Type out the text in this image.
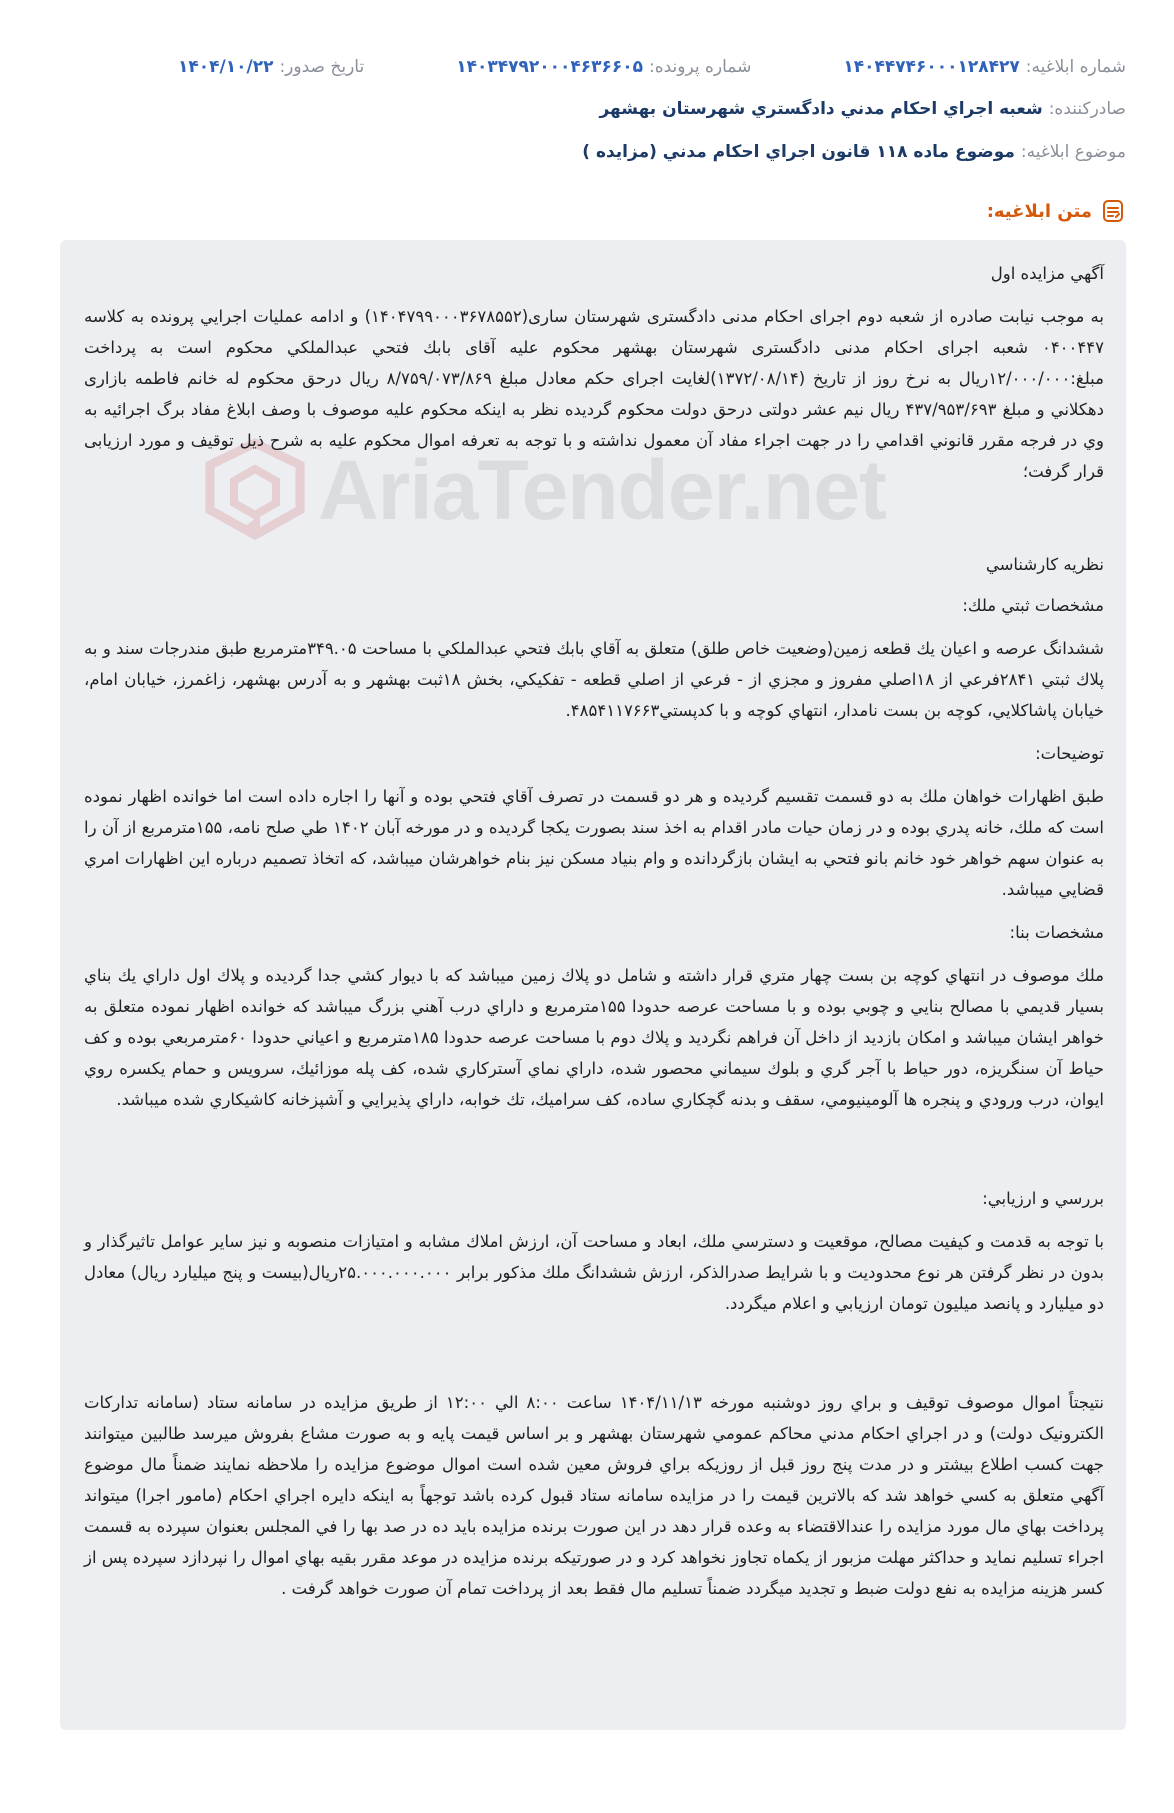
شماره ابلاغيه:
۱۴۰۴۴۷۴۶۰۰۰۱۲۸۴۲۷
شماره پرونده:
۱۴۰۳۴۷۹۲۰۰۰۴۶۳۶۶۰۵
تاريخ صدور:
۱۴۰۴/۱۰/۲۲
صادرکننده:
شعبه اجراي احكام مدني دادگستري شهرستان بهشهر
موضوع ابلاغيه:
موضوع ماده ۱۱۸ قانون اجراي احكام مدني (مزايده )
متن ابلاغيه:
AriaTender.net

آگهي مزايده اول

به موجب نيابت صادره از شعبه دوم اجرای احکام مدنی دادگستری شهرستان ساری(۱۴۰۴۷۹۹۰۰۰۳۶۷۸۵۵۲) و ادامه عمليات اجرايي پرونده به کلاسه ۰۴۰۰۴۴۷ شعبه اجرای احکام مدنی دادگستری شهرستان بهشهر محکوم عليه آقای بابك فتحي عبدالملكي محكوم است به پرداخت مبلغ:۱۲/۰۰۰/۰۰۰ريال به نرخ روز از تاريخ (۱۳۷۲/۰۸/۱۴)لغايت اجرای حکم معادل مبلغ ۸/۷۵۹/۰۷۳/۸۶۹ ريال درحق محکوم له خانم فاطمه بازاری دهكلاني و مبلغ ۴۳۷/۹۵۳/۶۹۳ ريال نيم عشر دولتی درحق دولت محکوم گرديده نظر به اينکه محکوم عليه موصوف با وصف ابلاغ مفاد برگ اجرائيه به وي در فرجه مقرر قانوني اقدامي را در جهت اجراء مفاد آن معمول نداشته و با توجه به تعرفه اموال محکوم عليه به شرح ذيل توقيف و مورد ارزيابی قرار گرفت؛

نظريه كارشناسي

مشخصات ثبتي ملك:

ششدانگ عرصه و اعيان يك قطعه زمين(وضعيت خاص طلق) متعلق به آقاي بابك فتحي عبدالملكي با مساحت ۳۴۹.۰۵مترمربع طبق مندرجات سند و به پلاك ثبتي ۲۸۴۱فرعي از ۱۸اصلي مفروز و مجزي از - فرعي از اصلي قطعه - تفكيكي، بخش ۱۸ثبت بهشهر و به آدرس بهشهر، زاغمرز، خيابان امام، خيابان پاشاكلايي، كوچه بن بست نامدار، انتهاي كوچه و با كدپستي۴۸۵۴۱۱۷۶۶۳.

توضيحات:

طبق اظهارات خواهان ملك به دو قسمت تقسيم گرديده و هر دو قسمت در تصرف آقاي فتحي بوده و آنها را اجاره داده است اما خوانده اظهار نموده است كه ملك، خانه پدري بوده و در زمان حيات مادر اقدام به اخذ سند بصورت يكجا گرديده و در مورخه آبان ۱۴۰۲ طي صلح نامه، ۱۵۵مترمربع از آن را به عنوان سهم خواهر خود خانم بانو فتحي به ايشان بازگردانده و وام بنياد مسكن نيز بنام خواهرشان ميباشد، كه اتخاذ تصميم درباره اين اظهارات امري قضايي ميباشد.

مشخصات بنا:

ملك موصوف در انتهاي كوچه بن بست چهار متري قرار داشته و شامل دو پلاك زمين ميباشد كه با ديوار كشي جدا گرديده و پلاك اول داراي يك بناي بسيار قديمي با مصالح بنايي و چوبي بوده و با مساحت عرصه حدودا ۱۵۵مترمربع و داراي درب آهني بزرگ ميباشد كه خوانده اظهار نموده متعلق به خواهر ايشان ميباشد و امكان بازديد از داخل آن فراهم نگرديد و پلاك دوم با مساحت عرصه حدودا ۱۸۵مترمربع و اعياني حدودا ۶۰مترمربعي بوده و كف حياط آن سنگريزه، دور حياط با آجر گري و بلوك سيماني محصور شده، داراي نماي آستركاري شده، كف پله موزائيك، سرويس و حمام يكسره روي ايوان، درب ورودي و پنجره ها آلومينيومي، سقف و بدنه گچكاري ساده، كف سراميك، تك خوابه، داراي پذيرايي و آشپزخانه كاشيكاري شده ميباشد.

بررسي و ارزيابي:

با توجه به قدمت و كيفيت مصالح، موقعيت و دسترسي ملك، ابعاد و مساحت آن، ارزش املاك مشابه و امتيازات منصوبه و نيز ساير عوامل تاثيرگذار و بدون در نظر گرفتن هر نوع محدوديت و با شرايط صدرالذكر، ارزش ششدانگ ملك مذكور برابر ۲۵.۰۰۰.۰۰۰.۰۰۰ريال(بيست و پنج ميليارد ريال) معادل دو ميليارد و پانصد ميليون تومان ارزيابي و اعلام ميگردد.

نتيجتاً اموال موصوف توقيف و براي روز دوشنبه مورخه ۱۴۰۴/۱۱/۱۳ ساعت ۸:۰۰ الي ۱۲:۰۰ از طريق مزايده در سامانه ستاد (سامانه تدارکات الکترونيک دولت) و در اجراي احكام مدني محاكم عمومي شهرستان بهشهر و بر اساس قيمت پايه و به صورت مشاع بفروش ميرسد طالبين ميتوانند جهت كسب اطلاع بيشتر و در مدت پنج روز قبل از روزيكه براي فروش معين شده است اموال موضوع مزايده را ملاحظه نمايند ضمناً مال موضوع آگهي متعلق به كسي خواهد شد كه بالاترين قيمت را در مزايده سامانه ستاد قبول كرده باشد توجهاً به اينكه دايره اجراي احكام (مامور اجرا) ميتواند پرداخت بهاي مال مورد مزايده را عندالاقتضاء به وعده قرار دهد در اين صورت برنده مزايده بايد ده در صد بها را في المجلس بعنوان سپرده به قسمت اجراء تسليم نمايد و حداكثر مهلت مزبور از يكماه تجاوز نخواهد كرد و در صورتيكه برنده مزايده در موعد مقرر بقيه بهاي اموال را نپردازد سپرده پس از كسر هزينه مزايده به نفع دولت ضبط و تجديد ميگردد ضمناً تسليم مال فقط بعد از پرداخت تمام آن صورت خواهد گرفت .
